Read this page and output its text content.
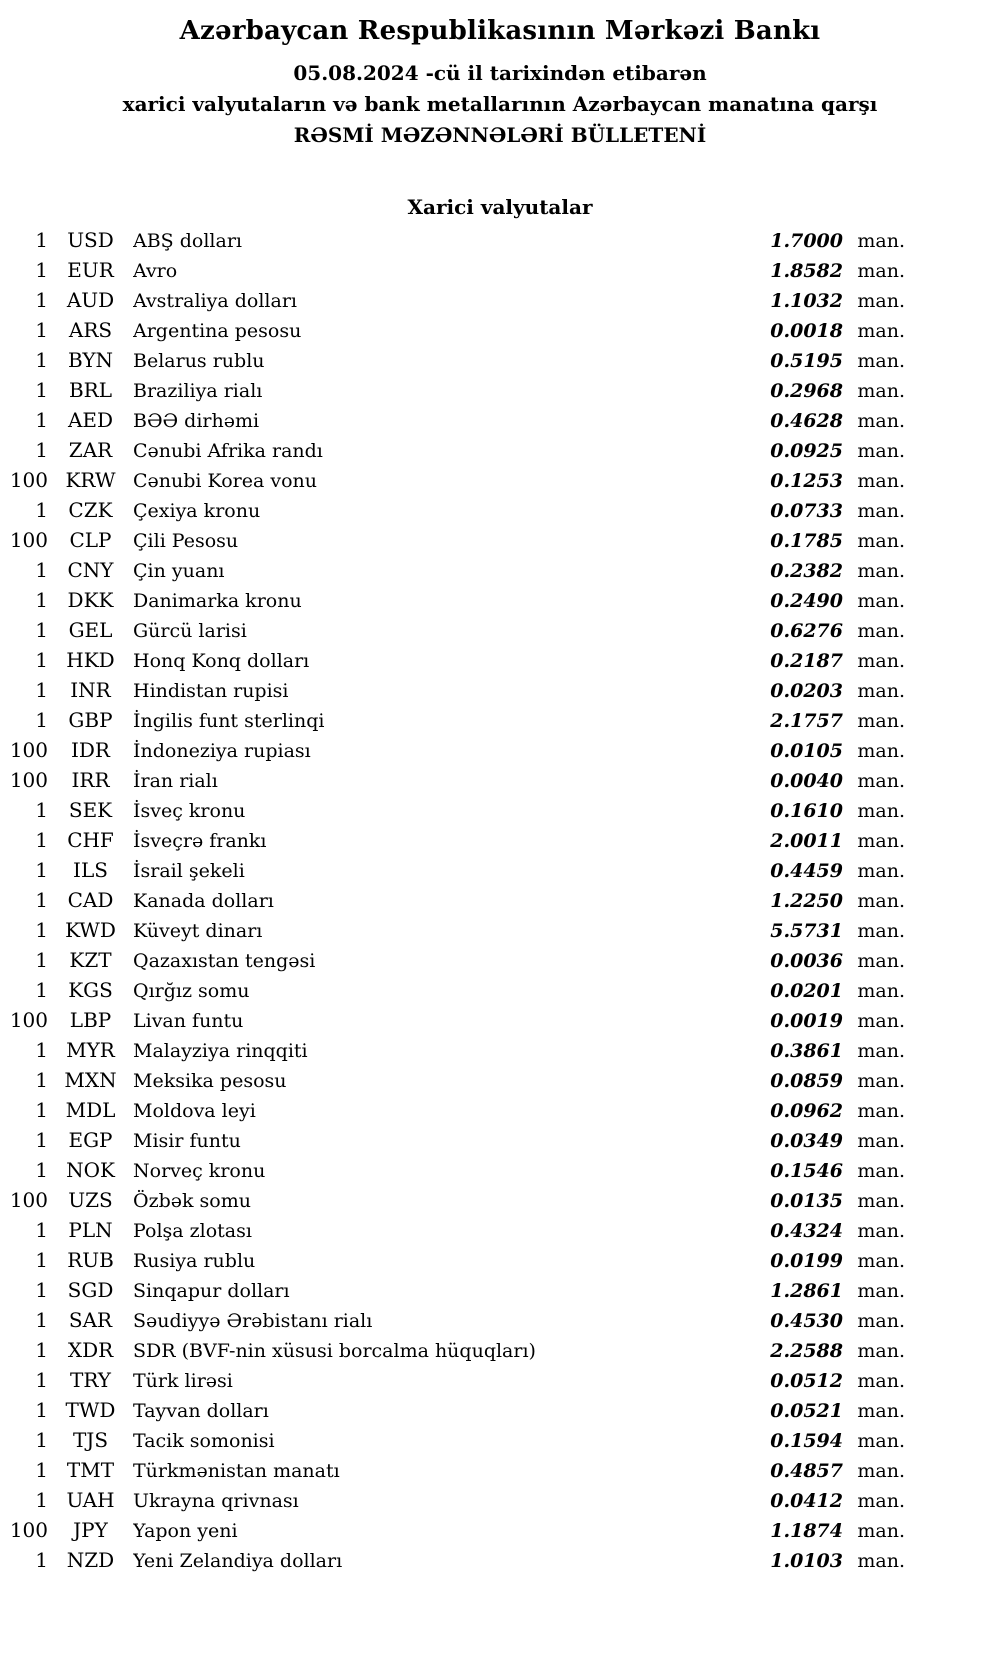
Azərbaycan Respublikasının Mərkəzi Bankı
05.08.2024 -cü il tarixindən etibarən
xarici valyutaların və bank metallarının Azərbaycan manatına qarşı
RƏSMİ MƏZƏNNƏLƏRİ BÜLLETENİ
Xarici valyutalar
1 USD	ABŞ dolları	1.7000 man.
1 EUR	Avro	1.8582 man.
1 AUD Avstraliya dolları	1.1032 man.
1	ARS	Argentina pesosu	0.0018 man.
1 BYN	Belarus rublu	0.5195 man.
1	BRL	Braziliya rialı	0.2968 man.
1 AED	BƏƏ dirhəmi	0.4628 man.
1	ZAR	Cənubi Afrika randı	0.0925 man.
100 KRW Cənubi Korea vonu	0.1253 man.
1	CZK	Çexiya kronu	0.0733 man.
100	CLP	Çili Pesosu	0.1785 man.
1 CNY	Çin yuanı	0.2382 man.
1 DKK	Danimarka kronu	0.2490 man.
1	GEL	Gürcü larisi	0.6276 man.
1 HKD Honq Konq dolları	0.2187 man.
1	INR	Hindistan rupisi	0.0203 man.
1	GBP	İngilis funt sterlinqi	2.1757 man.
100	IDR	İndoneziya rupiası	0.0105 man.
100	IRR	İran rialı	0.0040 man.
1	SEK	İsveç kronu	0.1610 man.
1 CHF	İsveçrə frankı	2.0011 man.
1	ILS	İsrail şekeli	0.4459 man.
1 CAD	Kanada dolları	1.2250 man.
1 KWD Küveyt dinarı	5.5731 man.
1	KZT	Qazaxıstan tengəsi	0.0036 man.
1	KGS	Qırğız somu	0.0201 man.
100	LBP	Livan funtu	0.0019 man.
1 MYR Malayziya rinqqiti	0.3861 man.
1 MXN Meksika pesosu	0.0859 man.
1 MDL Moldova leyi	0.0962 man.
1	EGP	Misir funtu	0.0349 man.
1 NOK Norveç kronu	0.1546 man.
100	UZS	Özbək somu	0.0135 man.
1	PLN	Polşa zlotası	0.4324 man.
1 RUB	Rusiya rublu	0.0199 man.
1 SGD	Sinqapur dolları	1.2861 man.
1	SAR	Səudiyyə Ərəbistanı rialı	0.4530 man.
1 XDR	SDR (BVF-nin xüsusi borcalma hüquqları)	2.2588 man.
1	TRY	Türk lirəsi	0.0512 man.
1 TWD Tayvan dolları	0.0521 man.
1	TJS	Tacik somonisi	0.1594 man.
1 TMT Türkmənistan manatı	0.4857 man.
1 UAH Ukrayna qrivnası	0.0412 man.
100	JPY	Yapon yeni	1.1874 man.
1 NZD Yeni Zelandiya dolları	1.0103 man.
